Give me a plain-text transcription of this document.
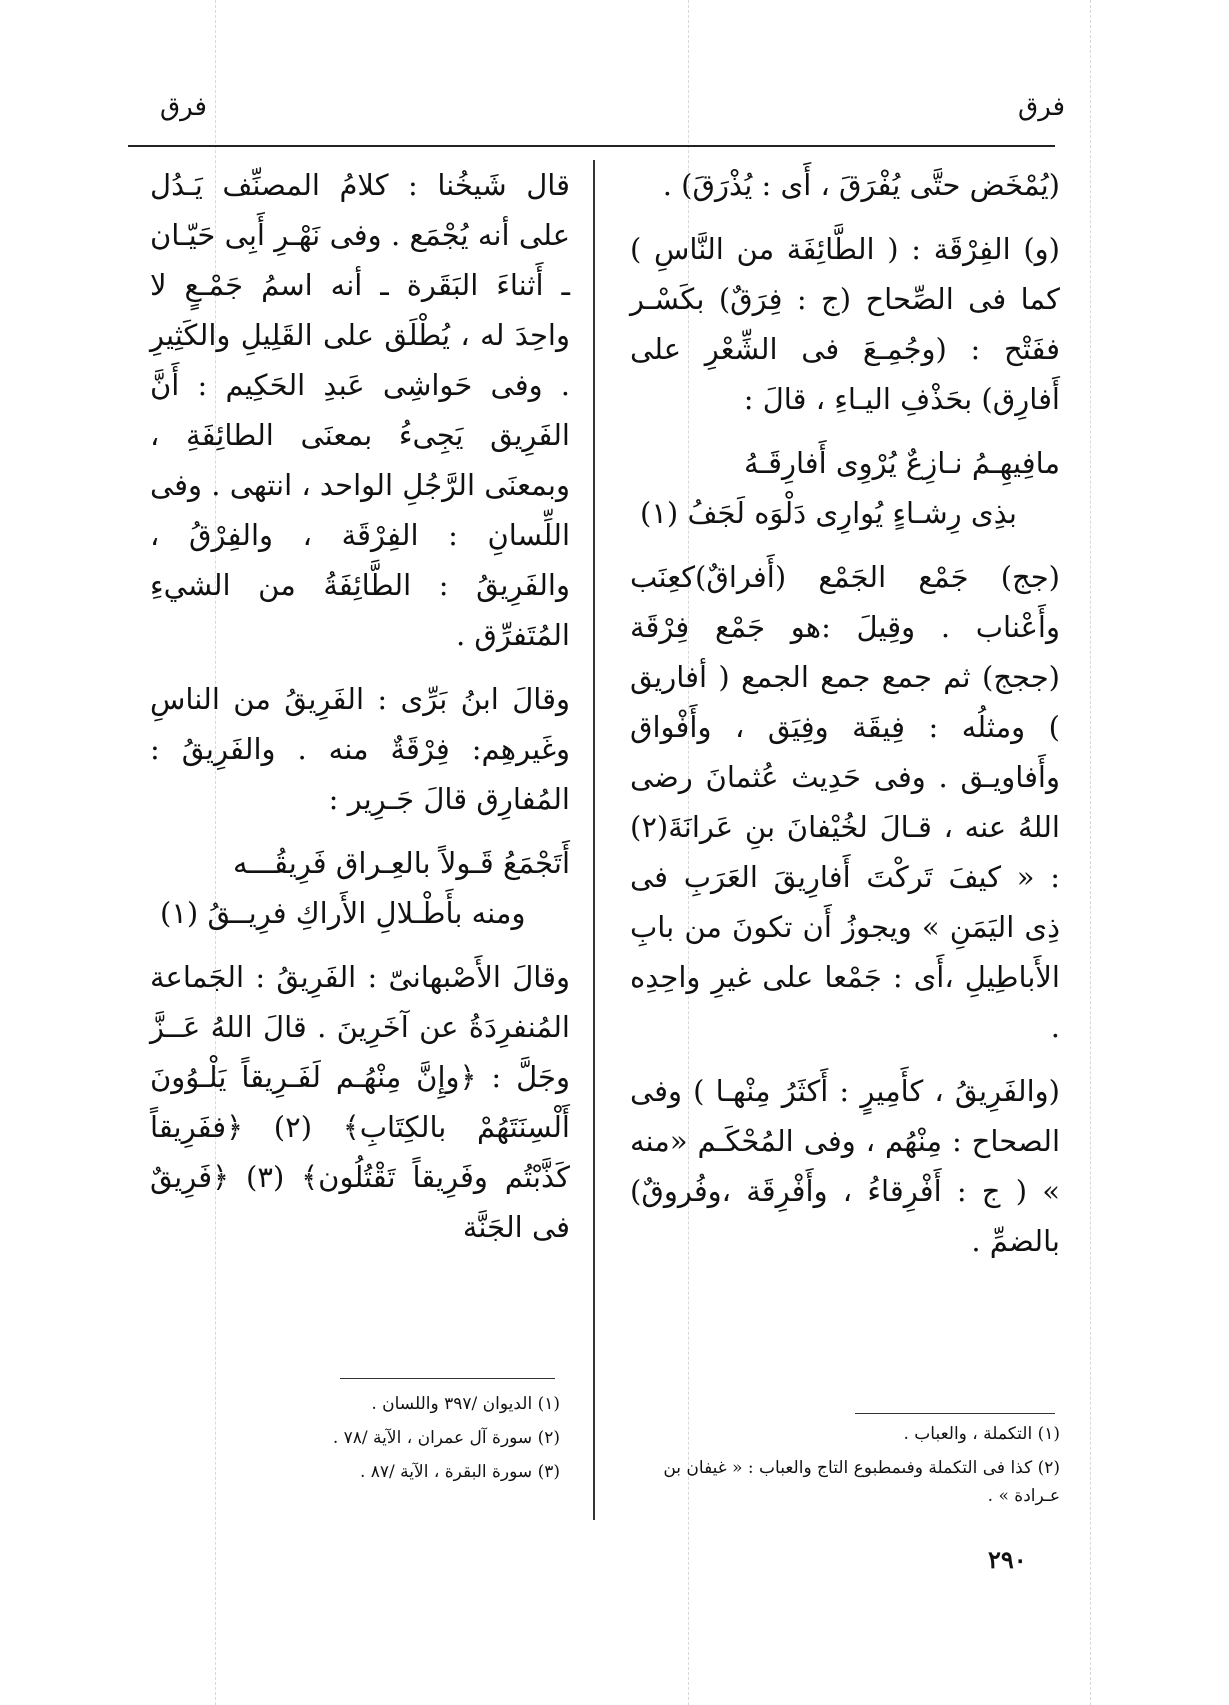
فرق
فرق

(يُمْخَض حتَّى يُفْرَقَ ، أَى : يُذْرَقَ) .

(و) الفِرْقَة : ( الطَّائِفَة من النَّاسِ ) كما فى الصِّحاح (ج : فِرَقٌ) بكَسْـر ففَتْح : (وجُمِـعَ فى الشِّعْرِ على أَفارِق) بحَذْفِ اليـاءِ ، قالَ :

مافِيهِـمُ نـازِعٌ يُرْوِى أَفارِقَـهُ
بذِى رِشـاءٍ يُوارِى دَلْوَه لَجَفُ (١)

(جج) جَمْع الجَمْع (أَفراقٌ)كعِنَب وأَعْناب . وقِيلَ :هو جَمْع فِرْقَة (ججج) ثم جمع جمع الجمع ( أفاريق ) ومثلُه : فِيقَة وفِيَق ، وأَفْواق وأَفاويـق . وفى حَدِيث عُثمانَ رضى اللهُ عنه ، قـالَ لخُيْفانَ بنِ عَرانَةَ(٢) : « كيفَ تَركْتَ أَفارِيقَ العَرَبِ فى ذِى اليَمَنِ » ويجوزُ أَن تكونَ من بابِ الأَباطِيلِ ،أَى : جَمْعا على غيرِ واحِدِه .

(والفَرِيقُ ، كأَمِيرٍ : أَكثَرُ مِنْهـا ) وفى الصحاح : مِنْهُم ، وفى المُحْكَـم «منه » ( ج : أَفْرِقاءُ ، وأَفْرِقَة ،وفُروقٌ) بالضمِّ .

قال شَيخُنا : كلامُ المصنِّف يَـدُل على أنه يُجْمَع . وفى نَهْـرِ أَبِى حَيّـان ـ أَثناءَ البَقَرة ـ أنه اسمُ جَمْـعٍ لا واحِدَ له ، يُطْلَق على القَلِيلِ والكَثِيرِ . وفى حَواشِى عَبدِ الحَكِيم : أَنَّ الفَرِيق يَجِىءُ بمعنَى الطائِفَةِ ، وبمعنَى الرَّجُلِ الواحد ، انتهى . وفى اللِّسانِ : الفِرْقَة ، والفِرْقُ ، والفَرِيقُ : الطَّائِفَةُ من الشيءِ المُتَفرِّق .

وقالَ ابنُ بَرِّى : الفَرِيقُ من الناسِ وغَيرهِم: فِرْقَةٌ منه . والفَرِيقُ : المُفارِق قالَ جَـرِير :

أَتَجْمَعُ قَـولاً بالعِـراق فَرِيقُـــه
ومنه بأَطْـلالِ الأَراكِ فرِيــقُ (١)

وقالَ الأَصْبهانىّ : الفَرِيقُ : الجَماعة المُنفرِدَةُ عن آخَرِينَ . قالَ اللهُ عَــزَّ وجَلَّ : ﴿وإِنَّ مِنْهُـم لَفَـرِيقاً يَلْـوُونَ أَلْسِنَتَهُمْ بالكِتَابِ﴾ (٢) ﴿ففَرِيقاً كَذَّبْتُم وفَرِيقاً تَقْتُلُون﴾ (٣) ﴿فَرِيقٌ فى الجَنَّة

(١) التكملة ، والعباب .
(٢) كذا فى التكملة وفىمطبوع التاج والعباب : « غيفان بن عـرادة » .
(١) الديوان /٣٩٧ واللسان .
(٢) سورة آل عمران ، الآية /٧٨ .
(٣) سورة البقرة ، الآية /٨٧ .
٢٩٠
